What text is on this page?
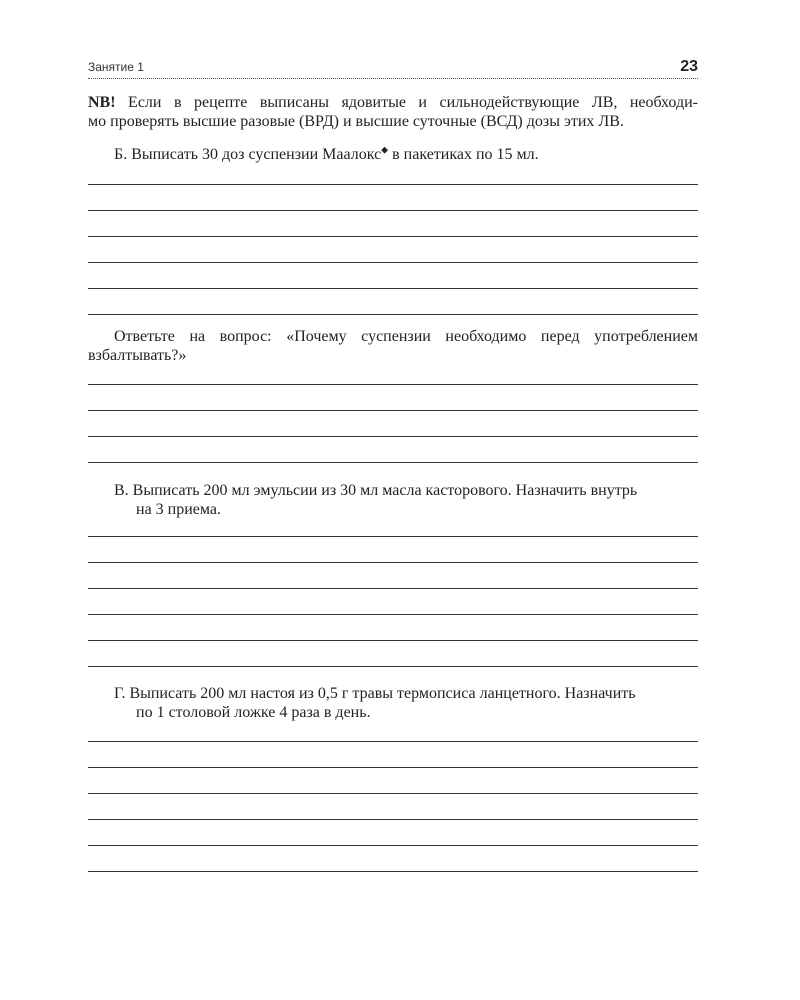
Занятие 1	23
NB! Если в рецепте выписаны ядовитые и сильнодействующие ЛВ, необходи-
мо проверять высшие разовые (ВРД) и высшие суточные (ВСД) дозы этих ЛВ.
Б. Выписать 30 доз суспензии Маалокс◆ в пакетиках по 15 мл.
Ответьте на вопрос: «Почему суспензии необходимо перед употреблением
взбалтывать?»
В. Выписать 200 мл эмульсии из 30 мл масла касторового. Назначить внутрь
на 3 приема.
Г. Выписать 200 мл настоя из 0,5 г травы термопсиса ланцетного. Назначить
по 1 столовой ложке 4 раза в день.
